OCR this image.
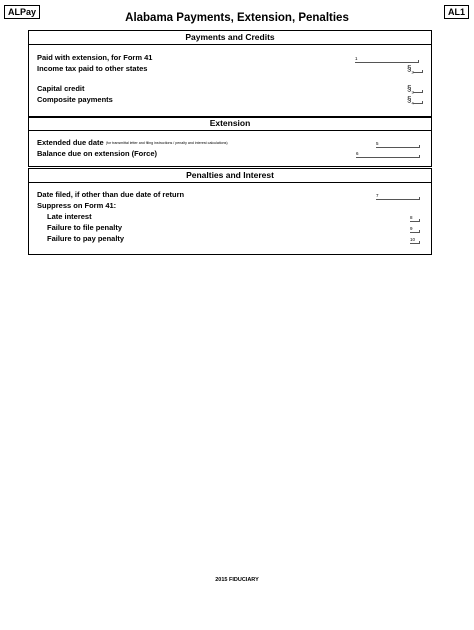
ALPay	AL1
Alabama Payments, Extension, Penalties
Payments and Credits
Paid with extension, for Form 41
Income tax paid to other states
Capital credit
Composite payments
1
$\S_2$
$\S_3$
$\S_4$
Extension
Extended due date (for transmittal letter and filing instructions / penalty and interest calculations)
Balance due on extension (Force)
5
6
Penalties and Interest
Date filed, if other than due date of return
Suppress on Form 41:
Late interest
Failure to file penalty
Failure to pay penalty
7
8
9
10
2015 FIDUCIARY
